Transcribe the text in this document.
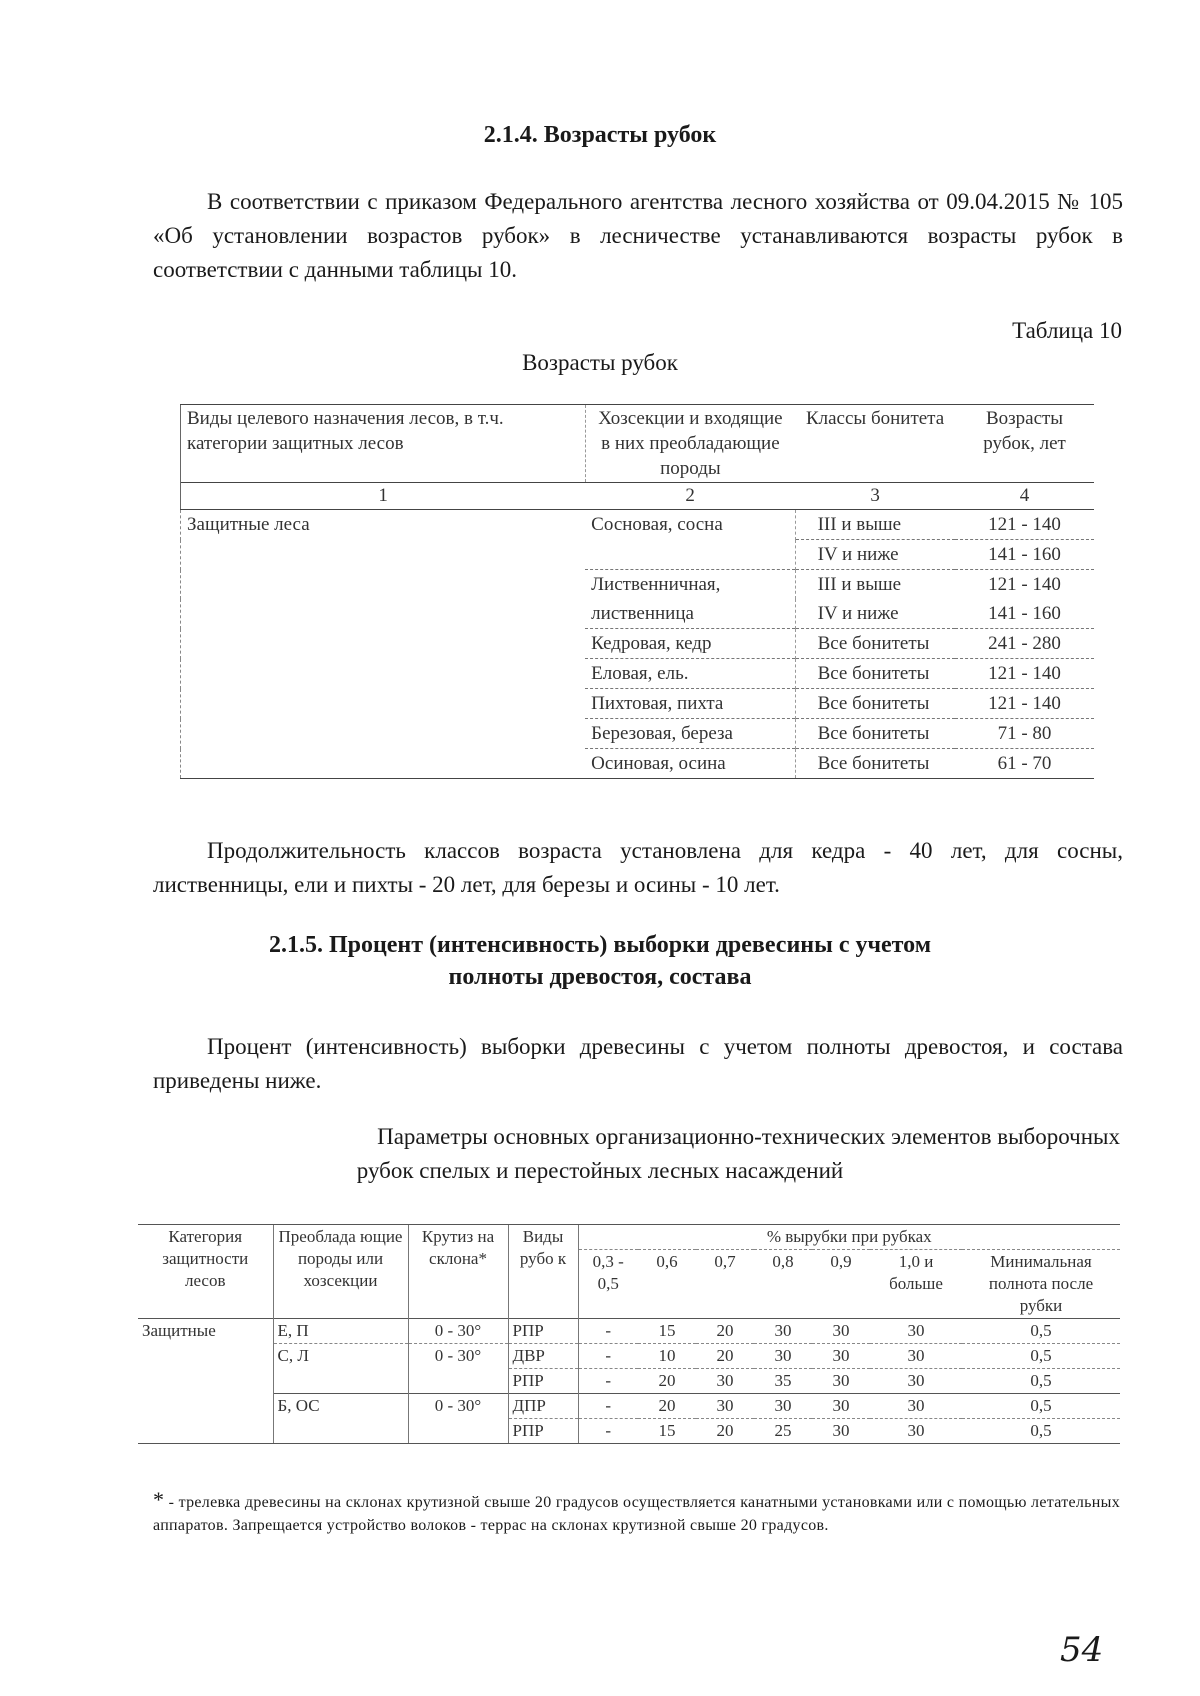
2.1.4. Возрасты рубок
В соответствии с приказом Федерального агентства лесного хозяйства от 09.04.2015 № 105 «Об установлении возрастов рубок» в лесничестве устанавливаются возрасты рубок в соответствии с данными таблицы 10.
Таблица 10
Возрасты рубок
Виды целевого назначения лесов, в т.ч. категории защитных лесов	Хозсекции и входящие в них преобладающие породы	Классы бонитета	Возрасты рубок, лет
1	2	3	4
Защитные леса	Сосновая, сосна	III и выше	121 - 140
		IV и ниже	141 - 160
	Лиственничная,	III и выше	121 - 140
	лиственница	IV и ниже	141 - 160
	Кедровая, кедр	Все бонитеты	241 - 280
	Еловая, ель.	Все бонитеты	121 - 140
	Пихтовая, пихта	Все бонитеты	121 - 140
	Березовая, береза	Все бонитеты	71 - 80
	Осиновая, осина	Все бонитеты	61 - 70
Продолжительность классов возраста установлена для кедра - 40 лет, для сосны, лиственницы, ели и пихты - 20 лет, для березы и осины - 10 лет.
2.1.5. Процент (интенсивность) выборки древесины с учетом
полноты древостоя, состава
Процент (интенсивность) выборки древесины с учетом полноты древостоя, и состава приведены ниже.
Параметры основных организационно-технических элементов выборочных
рубок спелых и перестойных лесных насаждений
Категория защитности лесов	Преоблада ющие породы или хозсекции	Крутиз на склона*	Виды рубо к	% вырубки при рубках						
				0,3 - 0,5	0,6	0,7	0,8	0,9	1,0 и больше	Минимальная полнота после рубки
Защитные	Е, П	0 - 30°	РПР	-	15	20	30	30	30	0,5
	С, Л	0 - 30°	ДВР	-	10	20	30	30	30	0,5
			РПР	-	20	30	35	30	30	0,5
	Б, ОС	0 - 30°	ДПР	-	20	30	30	30	30	0,5
			РПР	-	15	20	25	30	30	0,5
* - трелевка древесины на склонах крутизной свыше 20 градусов осуществляется канатными установками или с помощью летательных аппаратов. Запрещается устройство волоков - террас на склонах крутизной свыше 20 градусов.
54
